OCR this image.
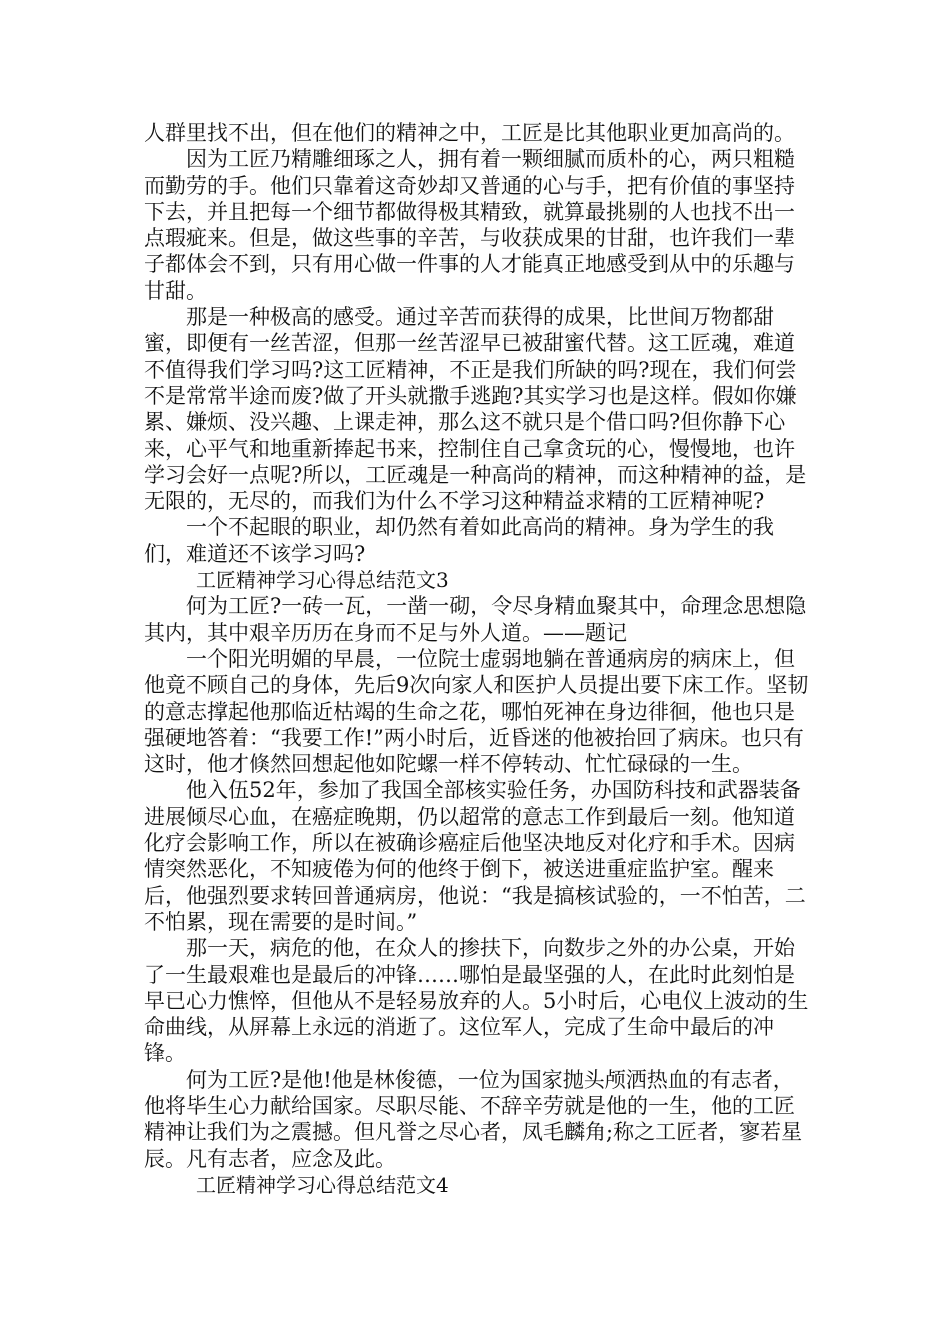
人群里找不出，但在他们的精神之中，工匠是比其他职业更加高尚的。

因为工匠乃精雕细琢之人，拥有着一颗细腻而质朴的心，两只粗糙而勤劳的手。他们只靠着这奇妙却又普通的心与手，把有价值的事坚持下去，并且把每一个细节都做得极其精致，就算最挑剔的人也找不出一点瑕疵来。但是，做这些事的辛苦，与收获成果的甘甜，也许我们一辈子都体会不到，只有用心做一件事的人才能真正地感受到从中的乐趣与甘甜。

那是一种极高的感受。通过辛苦而获得的成果，比世间万物都甜蜜，即便有一丝苦涩，但那一丝苦涩早已被甜蜜代替。这工匠魂，难道不值得我们学习吗?这工匠精神，不正是我们所缺的吗?现在，我们何尝不是常常半途而废?做了开头就撒手逃跑?其实学习也是这样。假如你嫌累、嫌烦、没兴趣、上课走神，那么这不就只是个借口吗?但你静下心来，心平气和地重新捧起书来，控制住自己拿贪玩的心，慢慢地，也许学习会好一点呢?所以，工匠魂是一种高尚的精神，而这种精神的益，是无限的，无尽的，而我们为什么不学习这种精益求精的工匠精神呢?

一个不起眼的职业，却仍然有着如此高尚的精神。身为学生的我们，难道还不该学习吗?

工匠精神学习心得总结范文3

何为工匠?一砖一瓦，一凿一砌，令尽身精血聚其中，命理念思想隐其内，其中艰辛历历在身而不足与外人道。——题记

一个阳光明媚的早晨，一位院士虚弱地躺在普通病房的病床上，但他竟不顾自己的身体，先后9次向家人和医护人员提出要下床工作。坚韧的意志撑起他那临近枯竭的生命之花，哪怕死神在身边徘徊，他也只是强硬地答着：“我要工作!”两小时后，近昏迷的他被抬回了病床。也只有这时，他才倏然回想起他如陀螺一样不停转动、忙忙碌碌的一生。

他入伍52年，参加了我国全部核实验任务，办国防科技和武器装备进展倾尽心血，在癌症晚期，仍以超常的意志工作到最后一刻。他知道化疗会影响工作，所以在被确诊癌症后他坚决地反对化疗和手术。因病情突然恶化，不知疲倦为何的他终于倒下，被送进重症监护室。醒来后，他强烈要求转回普通病房，他说：“我是搞核试验的，一不怕苦，二不怕累，现在需要的是时间。”

那一天，病危的他，在众人的掺扶下，向数步之外的办公桌，开始了一生最艰难也是最后的冲锋……哪怕是最坚强的人，在此时此刻怕是早已心力憔悴，但他从不是轻易放弃的人。5小时后，心电仪上波动的生命曲线，从屏幕上永远的消逝了。这位军人，完成了生命中最后的冲锋。

何为工匠?是他!他是林俊德，一位为国家抛头颅洒热血的有志者，他将毕生心力献给国家。尽职尽能、不辞辛劳就是他的一生，他的工匠精神让我们为之震撼。但凡誉之尽心者，凤毛麟角;称之工匠者，寥若星辰。凡有志者，应念及此。

工匠精神学习心得总结范文4
